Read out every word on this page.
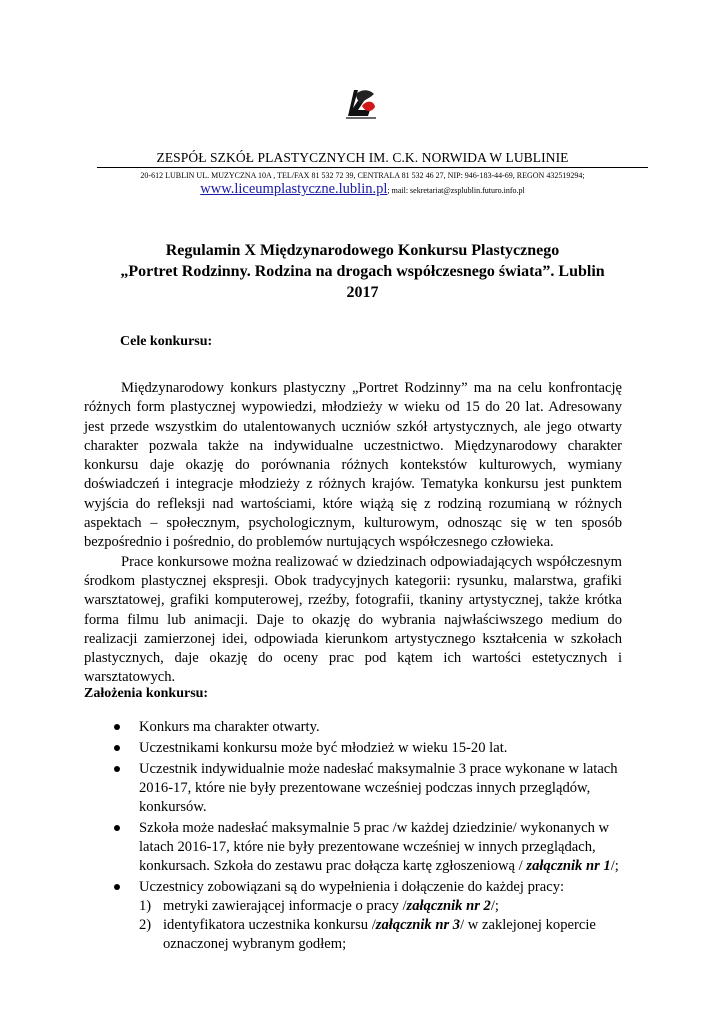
ZESPÓŁ SZKÓŁ PLASTYCZNYCH IM. C.K. NORWIDA W LUBLINIE
20-612 LUBLIN UL. MUZYCZNA 10A , TEL/FAX 81 532 72 39, CENTRALA 81 532 46 27, NIP: 946-183-44-69, REGON 432519294;
www.liceumplastyczne.lublin.pl; mail: sekretariat@zsplublin.futuro.info.pl
Regulamin X Międzynarodowego Konkursu Plastycznego
„Portret Rodzinny. Rodzina na drogach współczesnego świata”. Lublin
2017
Cele konkursu:

Międzynarodowy konkurs plastyczny „Portret Rodzinny” ma na celu konfrontację różnych form plastycznej wypowiedzi, młodzieży w wieku od 15 do 20 lat. Adresowany jest przede wszystkim do utalentowanych uczniów szkół artystycznych, ale jego otwarty charakter pozwala także na indywidualne uczestnictwo. Międzynarodowy charakter konkursu daje okazję do porównania różnych kontekstów kulturowych, wymiany doświadczeń i integracje młodzieży z różnych krajów. Tematyka konkursu jest punktem wyjścia do refleksji nad wartościami, które wiążą się z rodziną rozumianą w różnych aspektach – społecznym, psychologicznym, kulturowym, odnosząc się w ten sposób bezpośrednio i pośrednio, do problemów nurtujących współczesnego człowieka.

Prace konkursowe można realizować w dziedzinach odpowiadających współczesnym środkom plastycznej ekspresji. Obok tradycyjnych kategorii: rysunku, malarstwa, grafiki warsztatowej, grafiki komputerowej, rzeźby, fotografii, tkaniny artystycznej, także krótka forma filmu lub animacji. Daje to okazję do wybrania najwłaściwszego medium do realizacji zamierzonej idei, odpowiada kierunkom artystycznego kształcenia w szkołach plastycznych, daje okazję do oceny prac pod kątem ich wartości estetycznych i warsztatowych.

Założenia konkursu:
Konkurs ma charakter otwarty.
Uczestnikami konkursu może być młodzież w wieku 15-20 lat.
Uczestnik indywidualnie może nadesłać maksymalnie 3 prace wykonane w latach 2016-17, które nie były prezentowane wcześniej podczas innych przeglądów, konkursów.
Szkoła może nadesłać maksymalnie 5 prac /w każdej dziedzinie/ wykonanych w latach 2016-17, które nie były prezentowane wcześniej w innych przeglądach, konkursach. Szkoła do zestawu prac dołącza kartę zgłoszeniową / załącznik nr 1/;
Uczestnicy zobowiązani są do wypełnienia i dołączenie do każdej pracy:
1) metryki zawierającej informacje o pracy /załącznik nr 2/;
2) identyfikatora uczestnika konkursu /załącznik nr 3/ w zaklejonej kopercie oznaczonej wybranym godłem;
